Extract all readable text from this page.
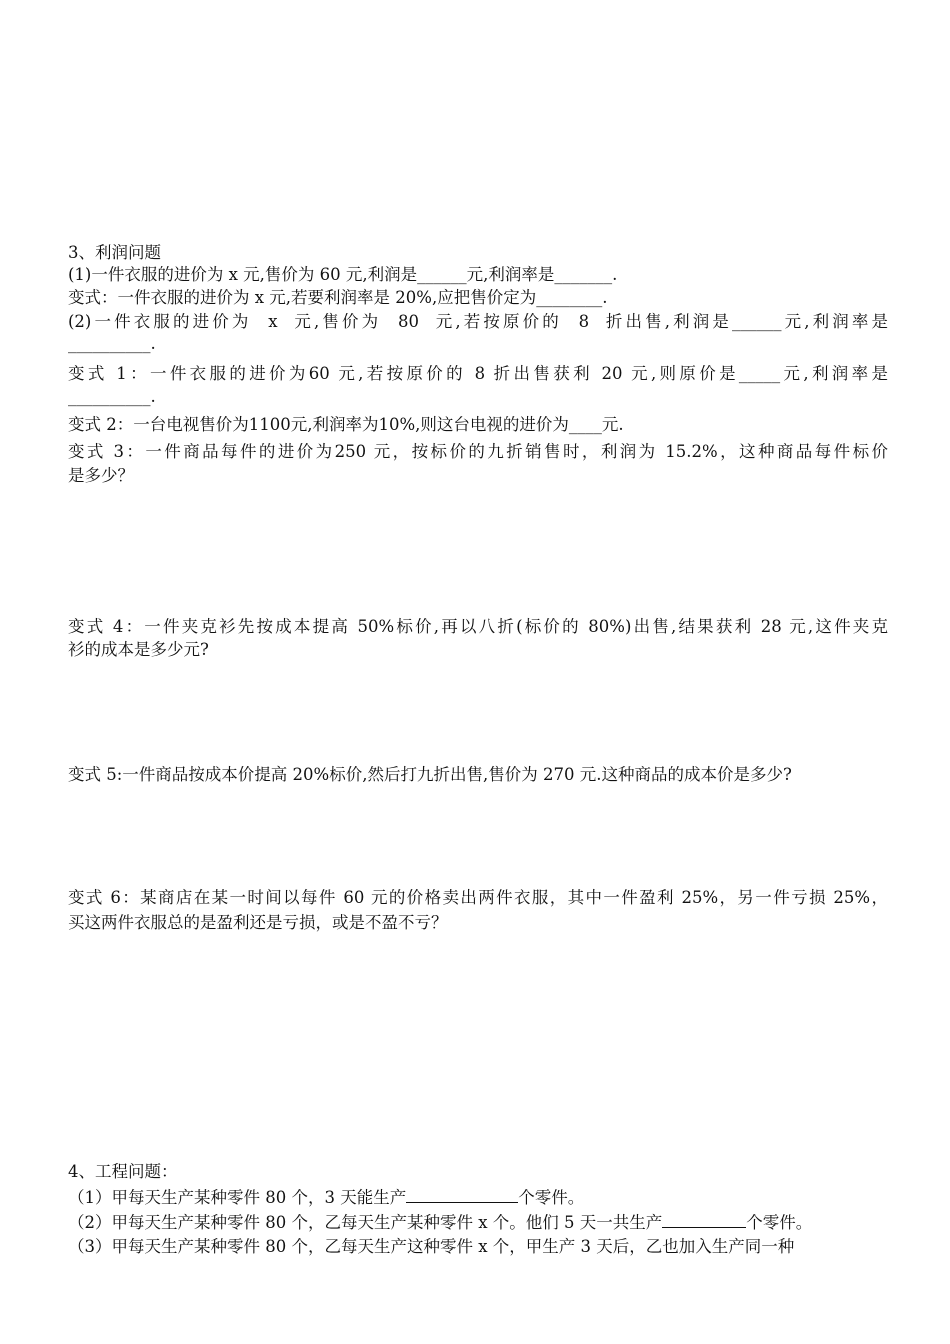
3、利润问题

(1)一件衣服的进价为 x 元,售价为 60 元,利润是______元,利润率是_______.

变式：一件衣服的进价为 x 元,若要利润率是 20%,应把售价定为________.

(2)一件衣服的进价为  x  元,售价为  80  元,若按原价的  8  折出售,利润是______元,利润率是

__________.

变式 1：一件衣服的进价为60 元,若按原价的 8 折出售获利 20 元,则原价是_____元,利润率是

__________.

变式 2：一台电视售价为1100元,利润率为10%,则这台电视的进价为____元.

变式 3：一件商品每件的进价为250 元，按标价的九折销售时，利润为 15.2%，这种商品每件标价

是多少？

变式 4：一件夹克衫先按成本提高 50%标价,再以八折(标价的 80%)出售,结果获利 28 元,这件夹克

衫的成本是多少元?

变式 5:一件商品按成本价提高 20%标价,然后打九折出售,售价为 270 元.这种商品的成本价是多少?

变式 6：某商店在某一时间以每件 60 元的价格卖出两件衣服，其中一件盈利 25%，另一件亏损 25%，

买这两件衣服总的是盈利还是亏损，或是不盈不亏？

4、工程问题：

（1）甲每天生产某种零件 80 个，3 天能生产	个零件。

（2）甲每天生产某种零件 80 个，乙每天生产某种零件 x 个。他们 5 天一共生产	个零件。

（3）甲每天生产某种零件 80 个，乙每天生产这种零件 x 个，甲生产 3 天后，乙也加入生产同一种
